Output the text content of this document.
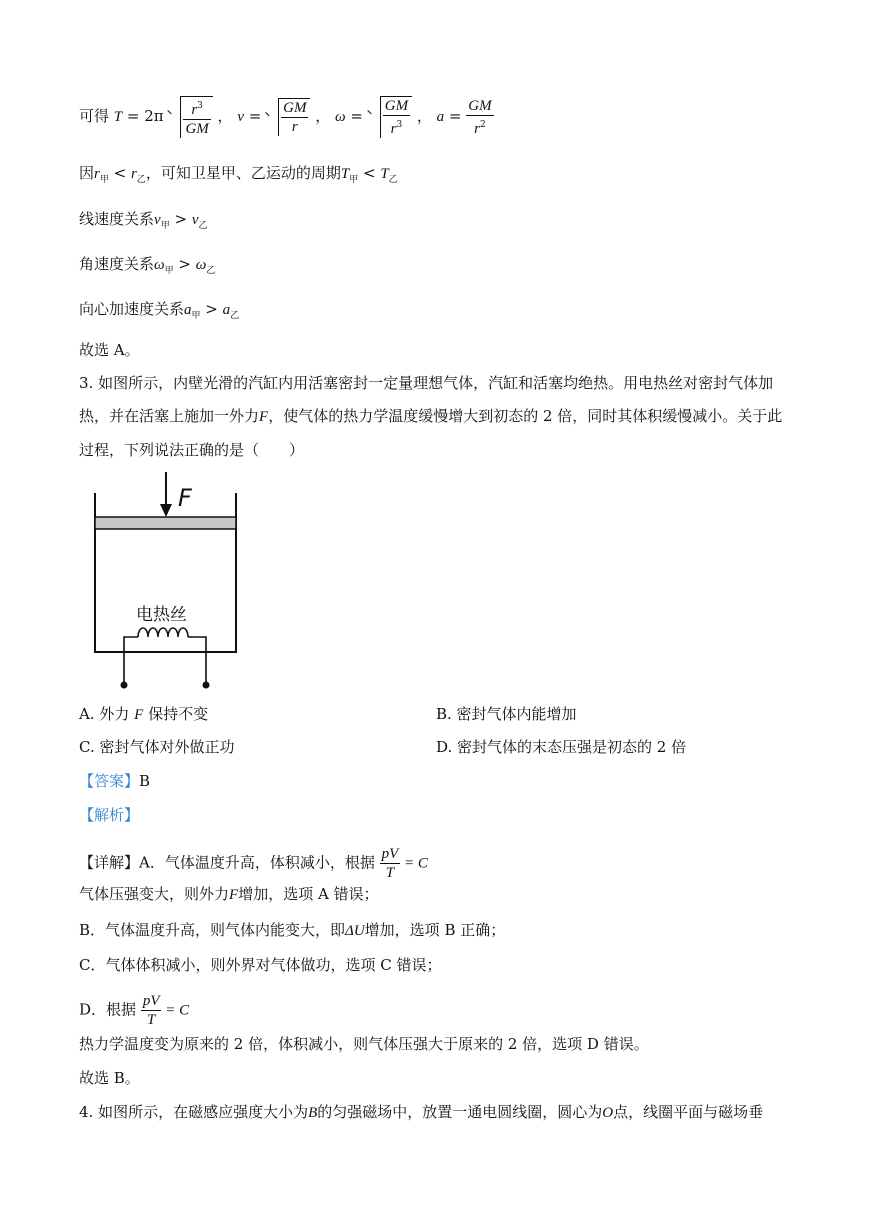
可得 $T = 2\pi \frac{r^3}{GM}$ ， $v = \frac{GM}{r}$ ， $\omega = \frac{GM}{r^3}$ ， $a = \frac{GM}{r^2}$
因$r_甲 < r_乙$，可知卫星甲、乙运动的周期$T_甲 < T_乙$
线速度关系$v_甲 > v_乙$
角速度关系$\omega_甲 > \omega_乙$
向心加速度关系$a_甲 > a_乙$
故选 A。
3. 如图所示，内壁光滑的汽缸内用活塞密封一定量理想气体，汽缸和活塞均绝热。用电热丝对密封气体加
热，并在活塞上施加一外力F，使气体的热力学温度缓慢增大到初态的 2 倍，同时其体积缓慢减小。关于此
过程，下列说法正确的是（　　）
F
电热丝
A. 外力 F 保持不变	B. 密封气体内能增加
C. 密封气体对外做正功	D. 密封气体的末态压强是初态的 2 倍
【答案】B
【解析】
【详解】A．气体温度升高，体积减小，根据 $\frac{pV}{T} = C$
气体压强变大，则外力F增加，选项 A 错误；
B．气体温度升高，则气体内能变大，即ΔU增加，选项 B 正确；
C．气体体积减小，则外界对气体做功，选项 C 错误；
D．根据 $\frac{pV}{T} = C$
热力学温度变为原来的 2 倍，体积减小，则气体压强大于原来的 2 倍，选项 D 错误。
故选 B。
4. 如图所示，在磁感应强度大小为B的匀强磁场中，放置一通电圆线圈，圆心为O点，线圈平面与磁场垂
